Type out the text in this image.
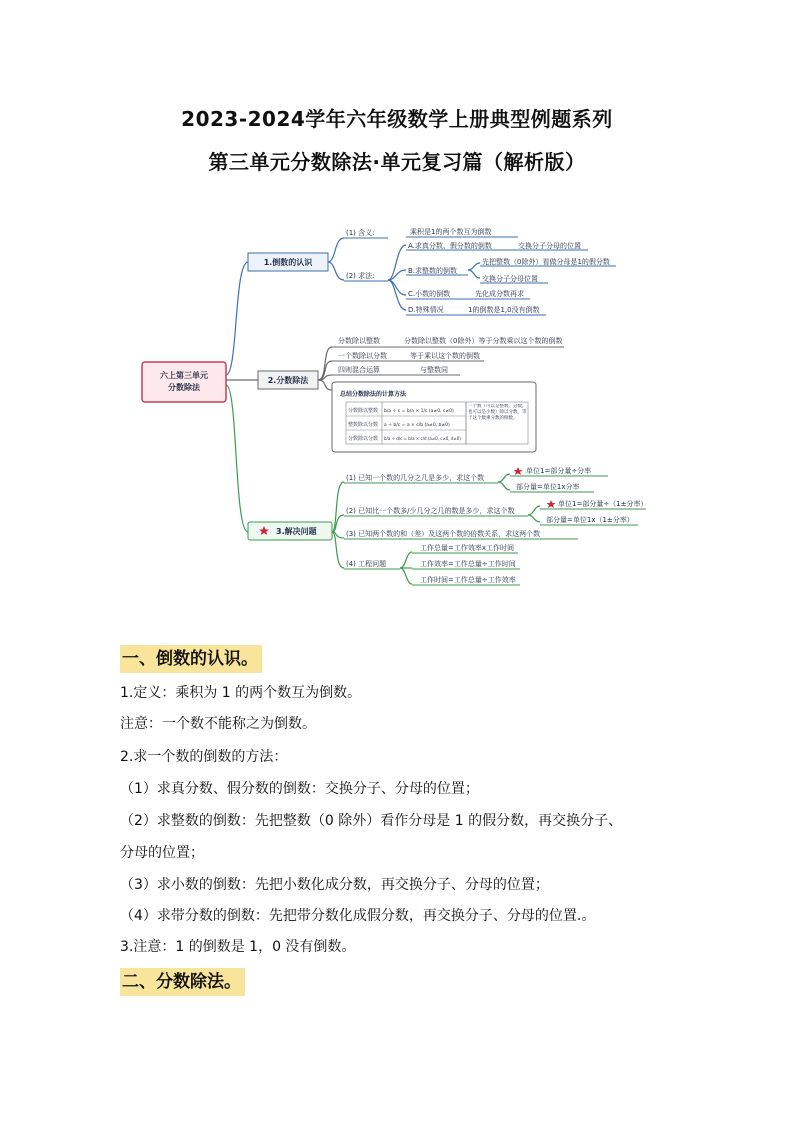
2023-2024学年六年级数学上册典型例题系列
第三单元分数除法·单元复习篇（解析版）
六上第三单元
分数除法
1.倒数的认识
(1) 含义:	乘积是1的两个数互为倒数
(2) 求法:
A.求真分数、假分数的倒数	交换分子分母的位置
B.求整数的倒数
先把整数（0除外）看做分母是1的假分数
交换分子分母位置
C.小数的倒数	先化成分数再求
D.特殊情况	1的倒数是1,0没有倒数
2.分数除法
分数除以整数	分数除以整数（0除外）等于分数乘以这个数的倒数
一个数除以分数	等于乘以这个数的倒数
四则混合运算	与整数同
总结分数除法的计算方法
分数除以整数 b/a ÷ c = b/a × 1/c (a≠0, c≠0)
整数除以分数 a ÷ b/c = a × c/b (a≠0, b≠0)
分数除以分数 b/a ÷ d/c = b/a × c/d (a≠0, c≠0, d≠0)
一个数（可以是整数、分数，也可以是小数）除以分数，等于这个数乘分数的倒数。
3.解决问题
(1) 已知一个数的几分之几是多少，求这个数
单位1=部分量÷分率
部分量=单位1x分率
(2) 已知比一个数多/少几分之几的数是多少，求这个数
单位1=部分量÷（1±分率）
部分量=单位1x（1±分率）
(3) 已知两个数的和（差）及这两个数的倍数关系，求这两个数
(4) 工程问题
工作总量=工作效率x工作时间
工作效率=工作总量÷工作时间
工作时间=工作总量÷工作效率
一、倒数的认识。
1.定义：乘积为 1 的两个数互为倒数。
注意：一个数不能称之为倒数。
2.求一个数的倒数的方法：
（1）求真分数、假分数的倒数：交换分子、分母的位置；
（2）求整数的倒数：先把整数（0 除外）看作分母是 1 的假分数，再交换分子、
分母的位置；
（3）求小数的倒数：先把小数化成分数，再交换分子、分母的位置；
（4）求带分数的倒数：先把带分数化成假分数，再交换分子、分母的位置.。
3.注意：1 的倒数是 1，0 没有倒数。
二、分数除法。
